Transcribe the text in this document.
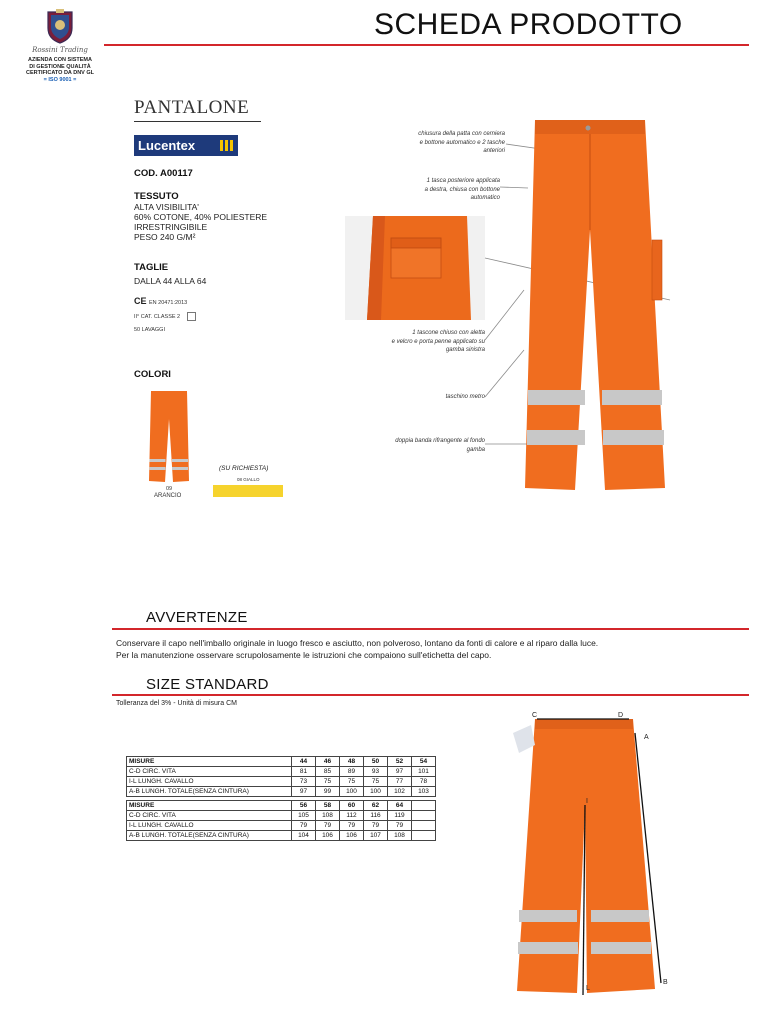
Rossini Trading
AZIENDA CON SISTEMA
DI GESTIONE QUALITÀ
CERTIFICATO DA DNV GL
= ISO 9001 =
SCHEDA PRODOTTO
PANTALONE
Lucentex
COD. A00117
TESSUTO
ALTA VISIBILITA'
60% COTONE, 40% POLIESTERE
IRRESTRINGIBILE
PESO 240 G/M²
TAGLIE
DALLA 44 ALLA 64
CE EN 20471:2013
II° CAT. CLASSE 2
50 LAVAGGI
COLORI
09
ARANCIO
(SU RICHIESTA)
08 GIALLO
chiusura della patta con cerniera
e bottone automatico e 2 tasche
anteriori
1 tasca posteriore applicata
a destra, chiusa con bottone
automatico
1 tascone chiuso con aletta
e velcro e porta penne applicato su
gamba sinistra
taschino metro
doppia banda rifrangente al fondo
gamba
AVVERTENZE
Conservare il capo nell'imballo originale in luogo fresco e asciutto, non polveroso, lontano da fonti di calore e al riparo dalla luce.
Per la manutenzione osservare scrupolosamente le istruzioni che compaiono sull'etichetta del capo.
SIZE STANDARD
Tolleranza del 3% - Unità di misura CM
MISURE	44	46	48	50	52	54
C-D CIRC. VITA	81	85	89	93	97	101
I-L LUNGH. CAVALLO	73	75	75	75	77	78
A-B LUNGH. TOTALE(SENZA CINTURA)	97	99	100	100	102	103

MISURE	56	58	60	62	64	
C-D CIRC. VITA	105	108	112	116	119	
I-L LUNGH. CAVALLO	79	79	79	79	79	
A-B LUNGH. TOTALE(SENZA CINTURA)	104	106	106	107	108	
C	D
A
B
I
L
